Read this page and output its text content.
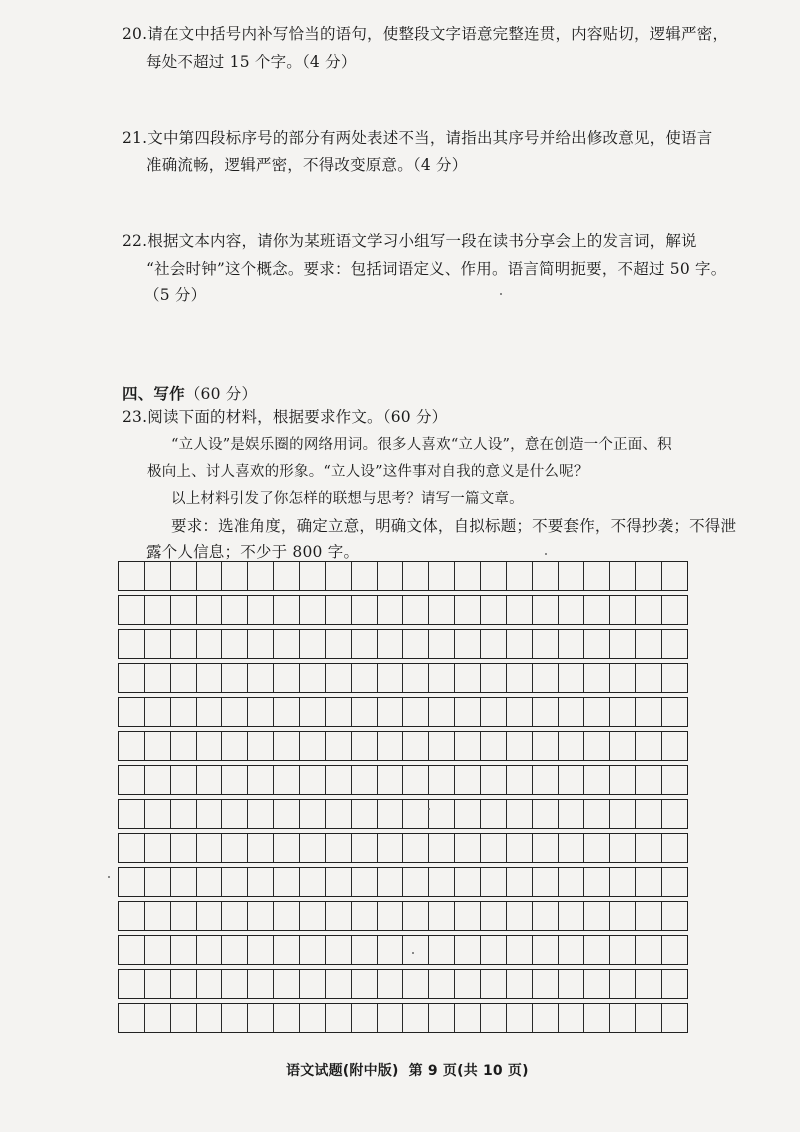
20.请在文中括号内补写恰当的语句，使整段文字语意完整连贯，内容贴切，逻辑严密，
每处不超过 15 个字。（4 分）
21.文中第四段标序号的部分有两处表述不当，请指出其序号并给出修改意见，使语言
准确流畅，逻辑严密，不得改变原意。（4 分）
22.根据文本内容，请你为某班语文学习小组写一段在读书分享会上的发言词，解说
“社会时钟”这个概念。要求：包括词语定义、作用。语言简明扼要，不超过 50 字。
（5 分）
四、写作（60 分）
23.阅读下面的材料，根据要求作文。（60 分）
“立人设”是娱乐圈的网络用词。很多人喜欢“立人设”，意在创造一个正面、积
极向上、讨人喜欢的形象。“立人设”这件事对自我的意义是什么呢？
以上材料引发了你怎样的联想与思考？请写一篇文章。
要求：选准角度，确定立意，明确文体，自拟标题；不要套作，不得抄袭；不得泄
露个人信息；不少于 800 字。
语文试题(附中版) 第 9 页(共 10 页)
